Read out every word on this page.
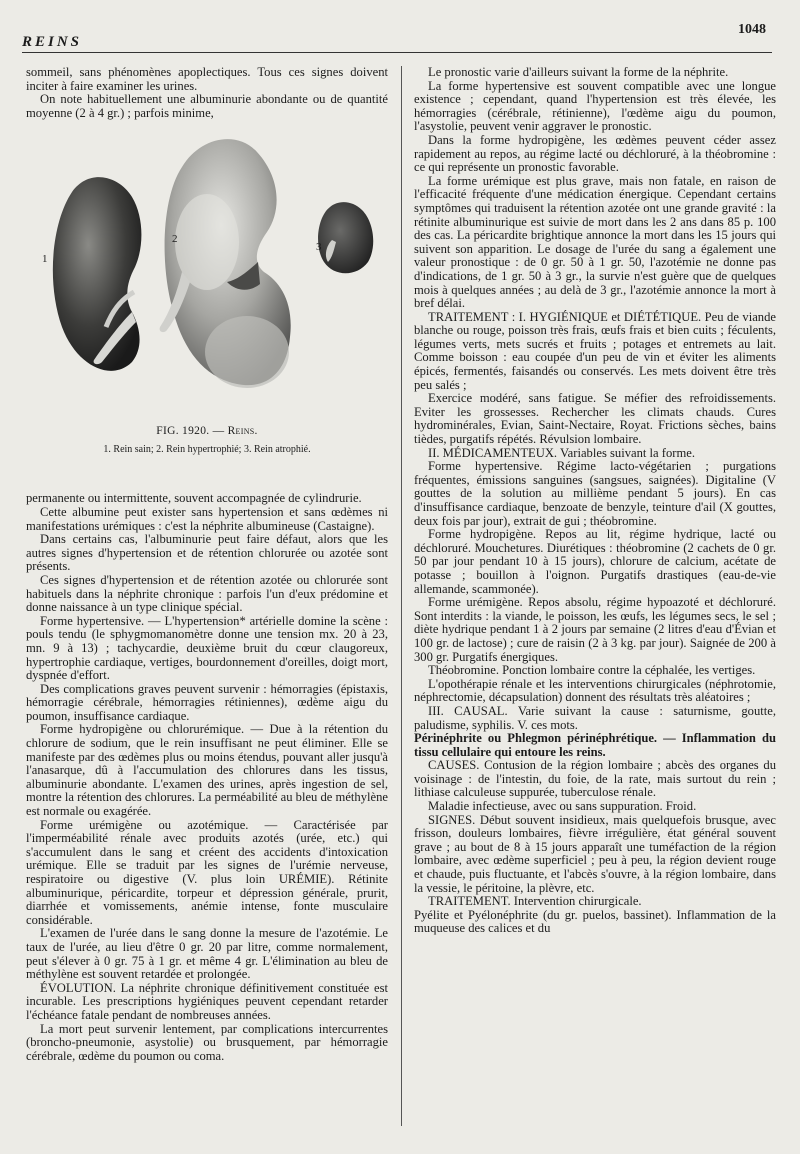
REINS
1048

sommeil, sans phénomènes apoplectiques. Tous ces signes doivent inciter à faire examiner les urines.

On note habituellement une albuminurie abondante ou de quantité moyenne (2 à 4 gr.) ; parfois minime,

1
2
3
FIG. 1920. — Reins.
1. Rein sain; 2. Rein hypertrophié; 3. Rein atrophié.

permanente ou intermittente, souvent accompagnée de cylindrurie.

Cette albumine peut exister sans hypertension et sans œdèmes ni manifestations urémiques : c'est la néphrite albumineuse (Castaigne).

Dans certains cas, l'albuminurie peut faire défaut, alors que les autres signes d'hypertension et de rétention chlorurée ou azotée sont présents.

Ces signes d'hypertension et de rétention azotée ou chlorurée sont habituels dans la néphrite chronique : parfois l'un d'eux prédomine et donne naissance à un type clinique spécial.

Forme hypertensive. — L'hypertension* artérielle domine la scène : pouls tendu (le sphygmomanomètre donne une tension mx. 20 à 23, mn. 9 à 13) ; tachycardie, deuxième bruit du cœur claugoreux, hypertrophie cardiaque, vertiges, bourdonnement d'oreilles, doigt mort, dyspnée d'effort.

Des complications graves peuvent survenir : hémorragies (épistaxis, hémorragie cérébrale, hémorragies rétiniennes), œdème aigu du poumon, insuffisance cardiaque.

Forme hydropigène ou chlorurémique. — Due à la rétention du chlorure de sodium, que le rein insuffisant ne peut éliminer. Elle se manifeste par des œdèmes plus ou moins étendus, pouvant aller jusqu'à l'anasarque, dû à l'accumulation des chlorures dans les tissus, albuminurie abondante. L'examen des urines, après ingestion de sel, montre la rétention des chlorures. La perméabilité au bleu de méthylène est normale ou exagérée.

Forme urémigène ou azotémique. — Caractérisée par l'imperméabilité rénale avec produits azotés (urée, etc.) qui s'accumulent dans le sang et créent des accidents d'intoxication urémique. Elle se traduit par les signes de l'urémie nerveuse, respiratoire ou digestive (V. plus loin URÉMIE). Rétinite albuminurique, péricardite, torpeur et dépression générale, prurit, diarrhée et vomissements, anémie intense, fonte musculaire considérable.

L'examen de l'urée dans le sang donne la mesure de l'azotémie. Le taux de l'urée, au lieu d'être 0 gr. 20 par litre, comme normalement, peut s'élever à 0 gr. 75 à 1 gr. et même 4 gr. L'élimination au bleu de méthylène est souvent retardée et prolongée.

ÉVOLUTION. La néphrite chronique définitivement constituée est incurable. Les prescriptions hygiéniques peuvent cependant retarder l'échéance fatale pendant de nombreuses années.

La mort peut survenir lentement, par complications intercurrentes (broncho-pneumonie, asystolie) ou brusquement, par hémorragie cérébrale, œdème du poumon ou coma.

Le pronostic varie d'ailleurs suivant la forme de la néphrite.

La forme hypertensive est souvent compatible avec une longue existence ; cependant, quand l'hypertension est très élevée, les hémorragies (cérébrale, rétinienne), l'œdème aigu du poumon, l'asystolie, peuvent venir aggraver le pronostic.

Dans la forme hydropigène, les œdèmes peuvent céder assez rapidement au repos, au régime lacté ou déchloruré, à la théobromine : ce qui représente un pronostic favorable.

La forme urémique est plus grave, mais non fatale, en raison de l'efficacité fréquente d'une médication énergique. Cependant certains symptômes qui traduisent la rétention azotée ont une grande gravité : la rétinite albuminurique est suivie de mort dans les 2 ans dans 85 p. 100 des cas. La péricardite brightique annonce la mort dans les 15 jours qui suivent son apparition. Le dosage de l'urée du sang a également une valeur pronostique : de 0 gr. 50 à 1 gr. 50, l'azotémie ne donne pas d'indications, de 1 gr. 50 à 3 gr., la survie n'est guère que de quelques mois à quelques années ; au delà de 3 gr., l'azotémie annonce la mort à bref délai.

TRAITEMENT : I. HYGIÉNIQUE et DIÉTÉTIQUE. Peu de viande blanche ou rouge, poisson très frais, œufs frais et bien cuits ; féculents, légumes verts, mets sucrés et fruits ; potages et entremets au lait. Comme boisson : eau coupée d'un peu de vin et éviter les aliments épicés, fermentés, faisandés ou conservés. Les mets doivent être très peu salés ;

Exercice modéré, sans fatigue. Se méfier des refroidissements. Eviter les grossesses. Rechercher les climats chauds. Cures hydrominérales, Evian, Saint-Nectaire, Royat. Frictions sèches, bains tièdes, purgatifs répétés. Révulsion lombaire.

II. MÉDICAMENTEUX. Variables suivant la forme.

Forme hypertensive. Régime lacto-végétarien ; purgations fréquentes, émissions sanguines (sangsues, saignées). Digitaline (V gouttes de la solution au millième pendant 5 jours). En cas d'insuffisance cardiaque, benzoate de benzyle, teinture d'ail (X gouttes, deux fois par jour), extrait de gui ; théobromine.

Forme hydropigène. Repos au lit, régime hydrique, lacté ou déchloruré. Mouchetures. Diurétiques : théobromine (2 cachets de 0 gr. 50 par jour pendant 10 à 15 jours), chlorure de calcium, acétate de potasse ; bouillon à l'oignon. Purgatifs drastiques (eau-de-vie allemande, scammonée).

Forme urémigène. Repos absolu, régime hypoazoté et déchloruré. Sont interdits : la viande, le poisson, les œufs, les légumes secs, le sel ; diète hydrique pendant 1 à 2 jours par semaine (2 litres d'eau d'Évian et 100 gr. de lactose) ; cure de raisin (2 à 3 kg. par jour). Saignée de 200 à 300 gr. Purgatifs énergiques.

Théobromine. Ponction lombaire contre la céphalée, les vertiges.

L'opothérapie rénale et les interventions chirurgicales (néphrotomie, néphrectomie, décapsulation) donnent des résultats très aléatoires ;

III. CAUSAL. Varie suivant la cause : saturnisme, goutte, paludisme, syphilis. V. ces mots.

Périnéphrite ou Phlegmon périnéphrétique. — Inflammation du tissu cellulaire qui entoure les reins.

CAUSES. Contusion de la région lombaire ; abcès des organes du voisinage : de l'intestin, du foie, de la rate, mais surtout du rein ; lithiase calculeuse suppurée, tuberculose rénale.

Maladie infectieuse, avec ou sans suppuration. Froid.

SIGNES. Début souvent insidieux, mais quelquefois brusque, avec frisson, douleurs lombaires, fièvre irrégulière, état général souvent grave ; au bout de 8 à 15 jours apparaît une tuméfaction de la région lombaire, avec œdème superficiel ; peu à peu, la région devient rouge et chaude, puis fluctuante, et l'abcès s'ouvre, à la région lombaire, dans la vessie, le péritoine, la plèvre, etc.

TRAITEMENT. Intervention chirurgicale.

Pyélite et Pyélonéphrite (du gr. puelos, bassinet). Inflammation de la muqueuse des calices et du
